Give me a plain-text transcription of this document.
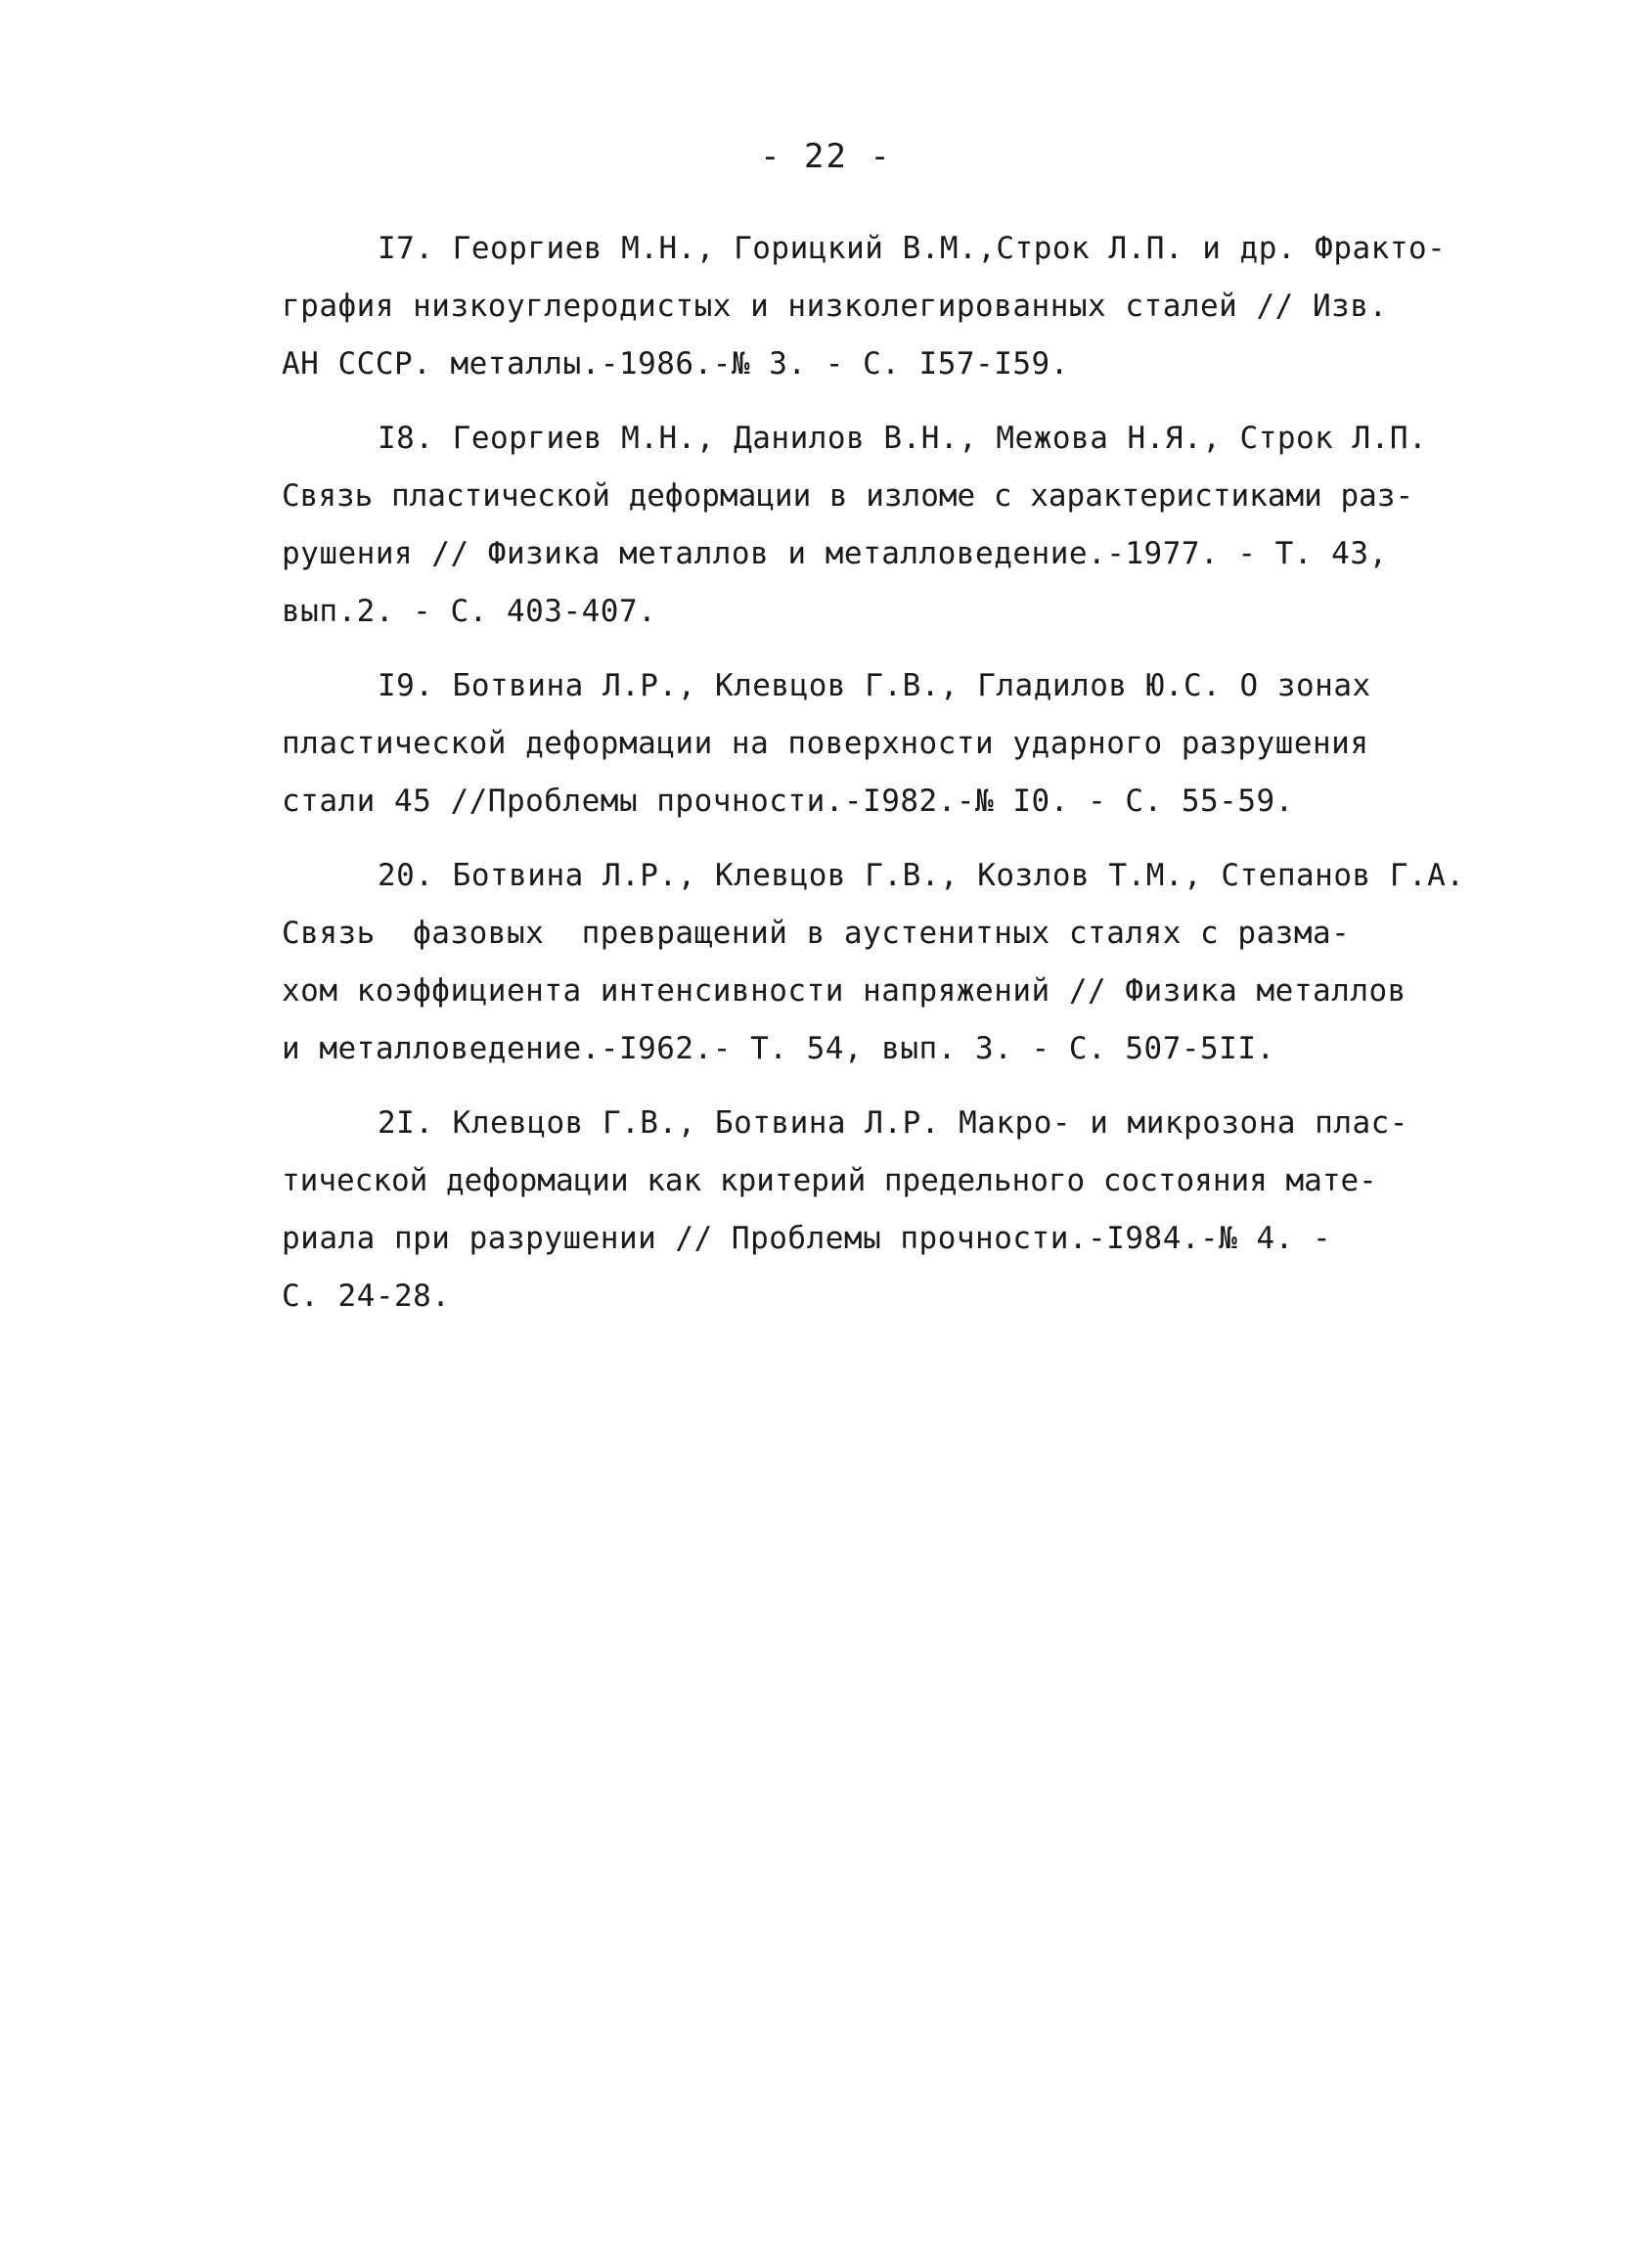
- 22 -
I7. Георгиев М.Н., Горицкий В.М.,Строк Л.П. и др. Фракто-
графия низкоуглеродистых и низколегированных сталей // Изв.
АН СССР. металлы.-1986.-№ 3. - С. I57-I59.
I8. Георгиев М.Н., Данилов В.Н., Межова Н.Я., Строк Л.П.
Связь пластической деформации в изломе с характеристиками раз-
рушения // Физика металлов и металловедение.-1977. - Т. 43,
вып.2. - С. 403-407.
I9. Ботвина Л.Р., Клевцов Г.В., Гладилов Ю.С. О зонах
пластической деформации на поверхности ударного разрушения
стали 45 //Проблемы прочности.-I982.-№ I0. - С. 55-59.
20. Ботвина Л.Р., Клевцов Г.В., Козлов Т.М., Степанов Г.А.
Связь  фазовых  превращений в аустенитных сталях с разма-
хом коэффициента интенсивности напряжений // Физика металлов
и металловедение.-I962.- Т. 54, вып. 3. - С. 507-5II.
2I. Клевцов Г.В., Ботвина Л.Р. Макро- и микрозона плас-
тической деформации как критерий предельного состояния мате-
риала при разрушении // Проблемы прочности.-I984.-№ 4. -
С. 24-28.
